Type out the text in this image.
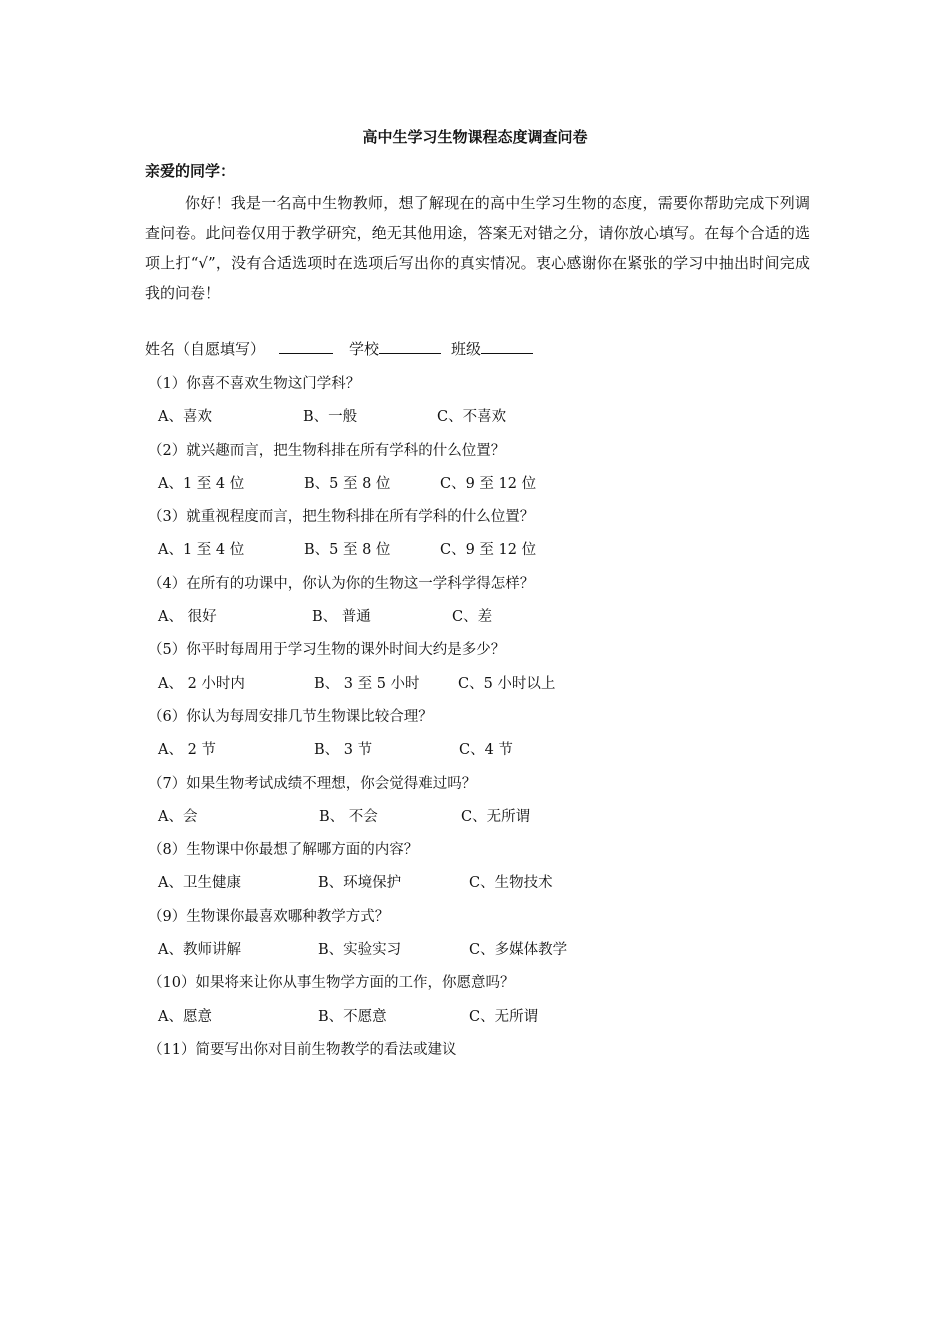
高中生学习生物课程态度调查问卷
亲爱的同学：

你好！我是一名高中生物教师，想了解现在的高中生学习生物的态度，需要你帮助完成下列调查问卷。此问卷仅用于教学研究，绝无其他用途，答案无对错之分，请你放心填写。在每个合适的选项上打“√”，没有合适选项时在选项后写出你的真实情况。衷心感谢你在紧张的学习中抽出时间完成我的问卷！

姓名（自愿填写）	学校	班级
（1）你喜不喜欢生物这门学科？
A、喜欢	B、一般	C、不喜欢
（2）就兴趣而言，把生物科排在所有学科的什么位置？
A、1 至 4 位	B、5 至 8 位	C、9 至 12 位
（3）就重视程度而言，把生物科排在所有学科的什么位置？
A、1 至 4 位	B、5 至 8 位	C、9 至 12 位
（4）在所有的功课中，你认为你的生物这一学科学得怎样？
A、 很好	B、 普通	C、差
（5）你平时每周用于学习生物的课外时间大约是多少？
A、 2 小时内	B、 3 至 5 小时	C、5 小时以上
（6）你认为每周安排几节生物课比较合理？
A、 2 节	B、 3 节	C、4 节
（7）如果生物考试成绩不理想，你会觉得难过吗？
A、会	B、 不会	C、无所谓
（8）生物课中你最想了解哪方面的内容？
A、卫生健康	B、环境保护	C、生物技术
（9）生物课你最喜欢哪种教学方式？
A、教师讲解	B、实验实习	C、多媒体教学
（10）如果将来让你从事生物学方面的工作，你愿意吗？
A、愿意	B、不愿意	C、无所谓
（11）简要写出你对目前生物教学的看法或建议
